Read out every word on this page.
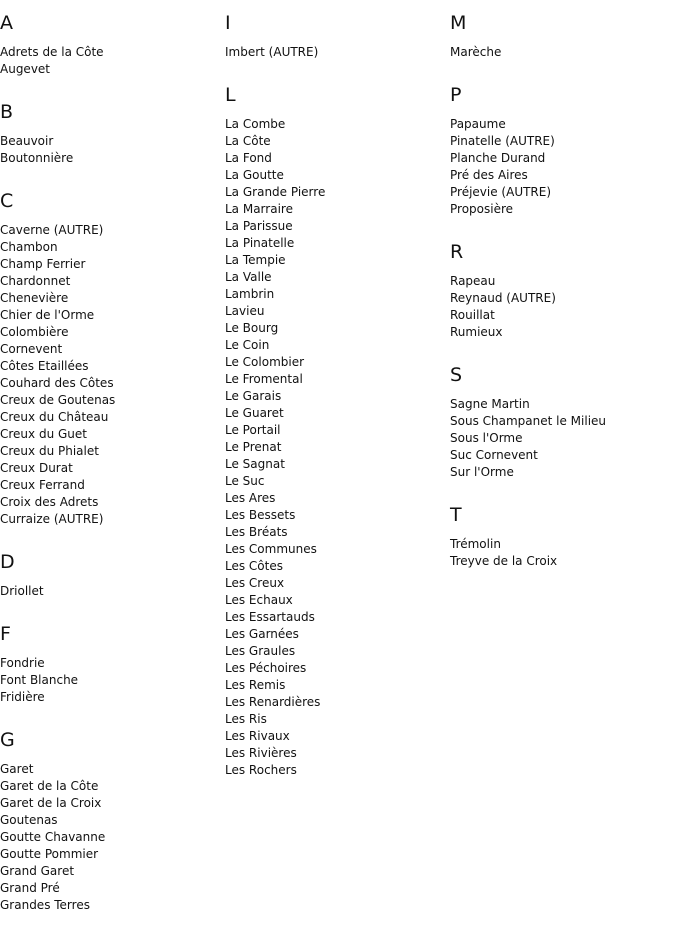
A
Adrets de la Côte
Augevet
B
Beauvoir
Boutonnière
C
Caverne (AUTRE)
Chambon
Champ Ferrier
Chardonnet
Chenevière
Chier de l'Orme
Colombière
Cornevent
Côtes Etaillées
Couhard des Côtes
Creux de Goutenas
Creux du Château
Creux du Guet
Creux du Phialet
Creux Durat
Creux Ferrand
Croix des Adrets
Curraize (AUTRE)
D
Driollet
F
Fondrie
Font Blanche
Fridière
G
Garet
Garet de la Côte
Garet de la Croix
Goutenas
Goutte Chavanne
Goutte Pommier
Grand Garet
Grand Pré
Grandes Terres
I
Imbert (AUTRE)
L
La Combe
La Côte
La Fond
La Goutte
La Grande Pierre
La Marraire
La Parissue
La Pinatelle
La Tempie
La Valle
Lambrin
Lavieu
Le Bourg
Le Coin
Le Colombier
Le Fromental
Le Garais
Le Guaret
Le Portail
Le Prenat
Le Sagnat
Le Suc
Les Ares
Les Bessets
Les Bréats
Les Communes
Les Côtes
Les Creux
Les Echaux
Les Essartauds
Les Garnées
Les Graules
Les Péchoires
Les Remis
Les Renardières
Les Ris
Les Rivaux
Les Rivières
Les Rochers
M
Marèche
P
Papaume
Pinatelle (AUTRE)
Planche Durand
Pré des Aires
Préjevie (AUTRE)
Proposière
R
Rapeau
Reynaud (AUTRE)
Rouillat
Rumieux
S
Sagne Martin
Sous Champanet le Milieu
Sous l'Orme
Suc Cornevent
Sur l'Orme
T
Trémolin
Treyve de la Croix
